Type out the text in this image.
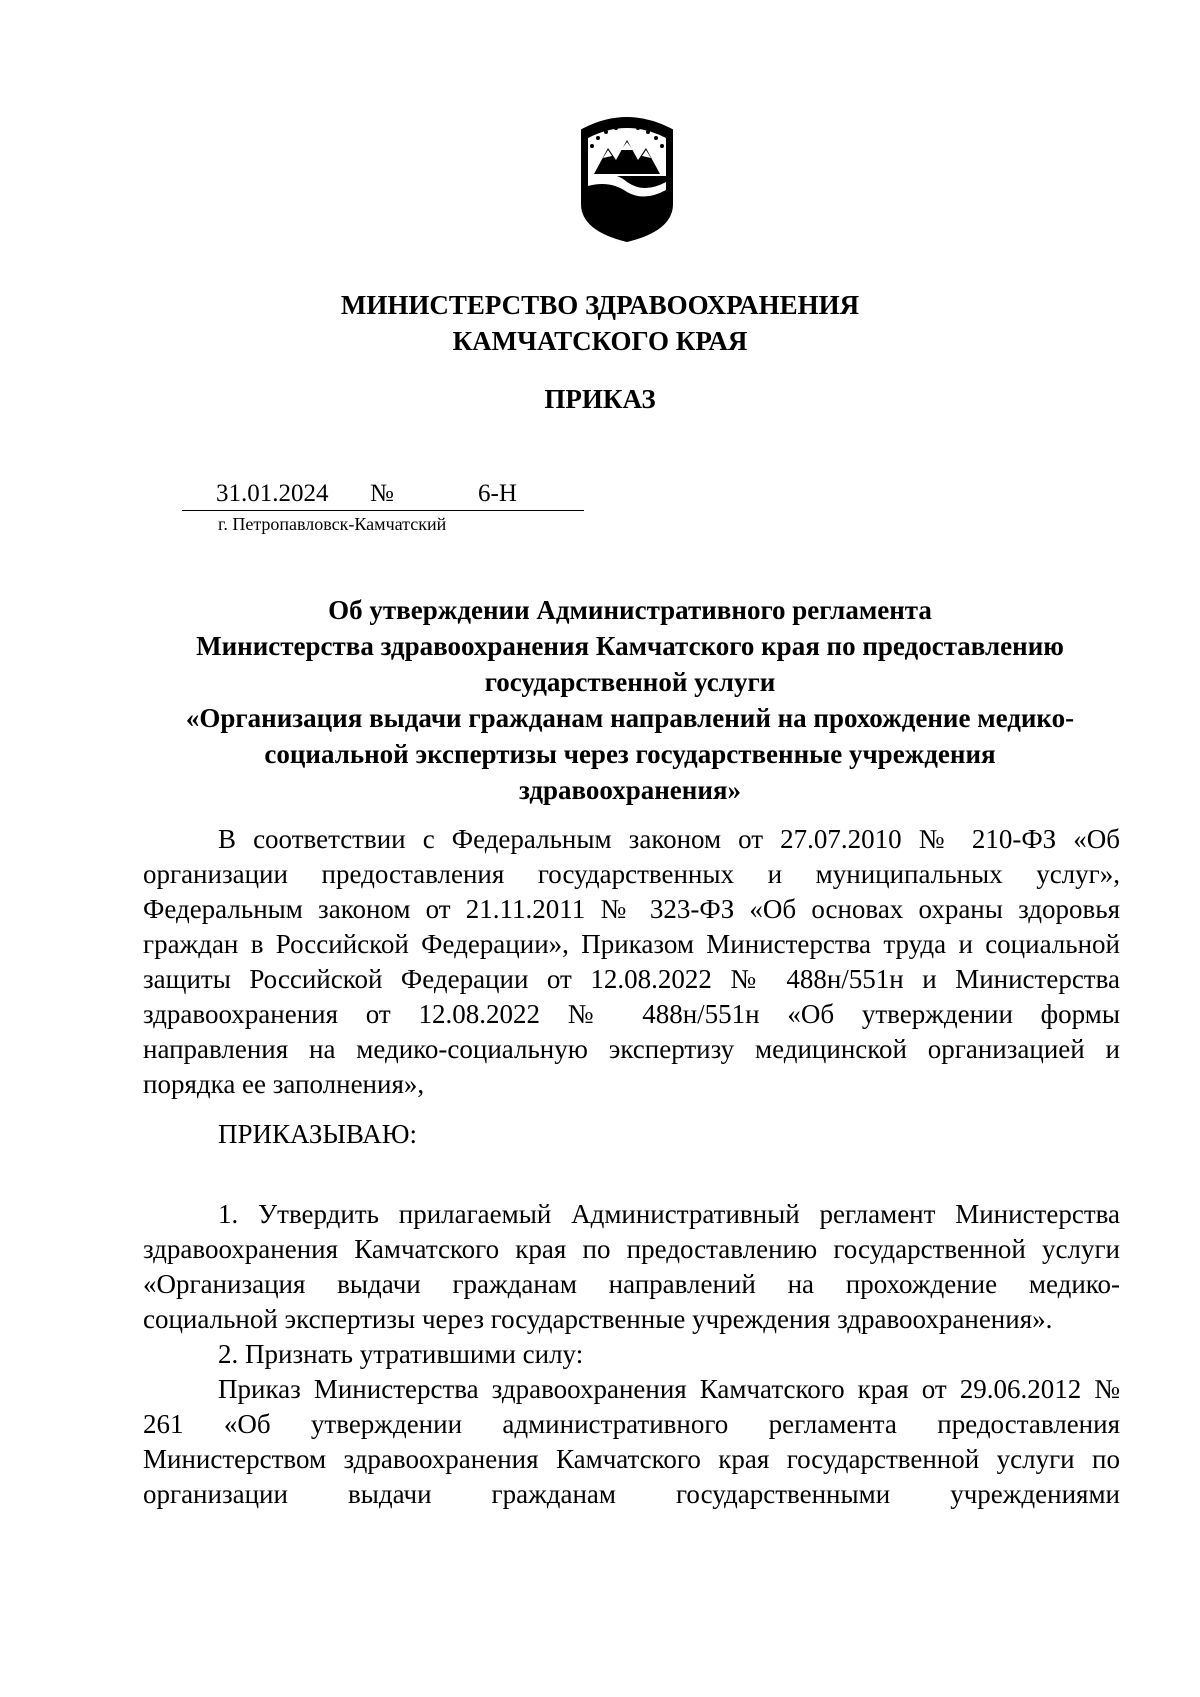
МИНИСТЕРСТВО ЗДРАВООХРАНЕНИЯ
КАМЧАТСКОГО КРАЯ
ПРИКАЗ
31.01.2024 №	6-Н
г. Петропавловск-Камчатский
Об утверждении Административного регламента
Министерства здравоохранения Камчатского края по предоставлению
государственной услуги
«Организация выдачи гражданам направлений на прохождение медико-
социальной экспертизы через государственные учреждения
здравоохранения»
В соответствии с Федеральным законом от 27.07.2010 № 210-ФЗ «Об
организации предоставления государственных и муниципальных услуг»,
Федеральным законом от 21.11.2011 № 323-ФЗ «Об основах охраны здоровья
граждан в Российской Федерации», Приказом Министерства труда и социальной
защиты Российской Федерации от 12.08.2022 № 488н/551н и Министерства
здравоохранения от 12.08.2022 № 488н/551н «Об утверждении формы
направления на медико-социальную экспертизу медицинской организацией и
порядка ее заполнения»,
ПРИКАЗЫВАЮ:
1. Утвердить прилагаемый Административный регламент Министерства
здравоохранения Камчатского края по предоставлению государственной услуги
«Организация выдачи гражданам направлений на прохождение медико-
социальной экспертизы через государственные учреждения здравоохранения».
2. Признать утратившими силу:
Приказ Министерства здравоохранения Камчатского края от 29.06.2012 №
261 «Об утверждении административного регламента предоставления
Министерством здравоохранения Камчатского края государственной услуги по
организации выдачи гражданам государственными учреждениями
